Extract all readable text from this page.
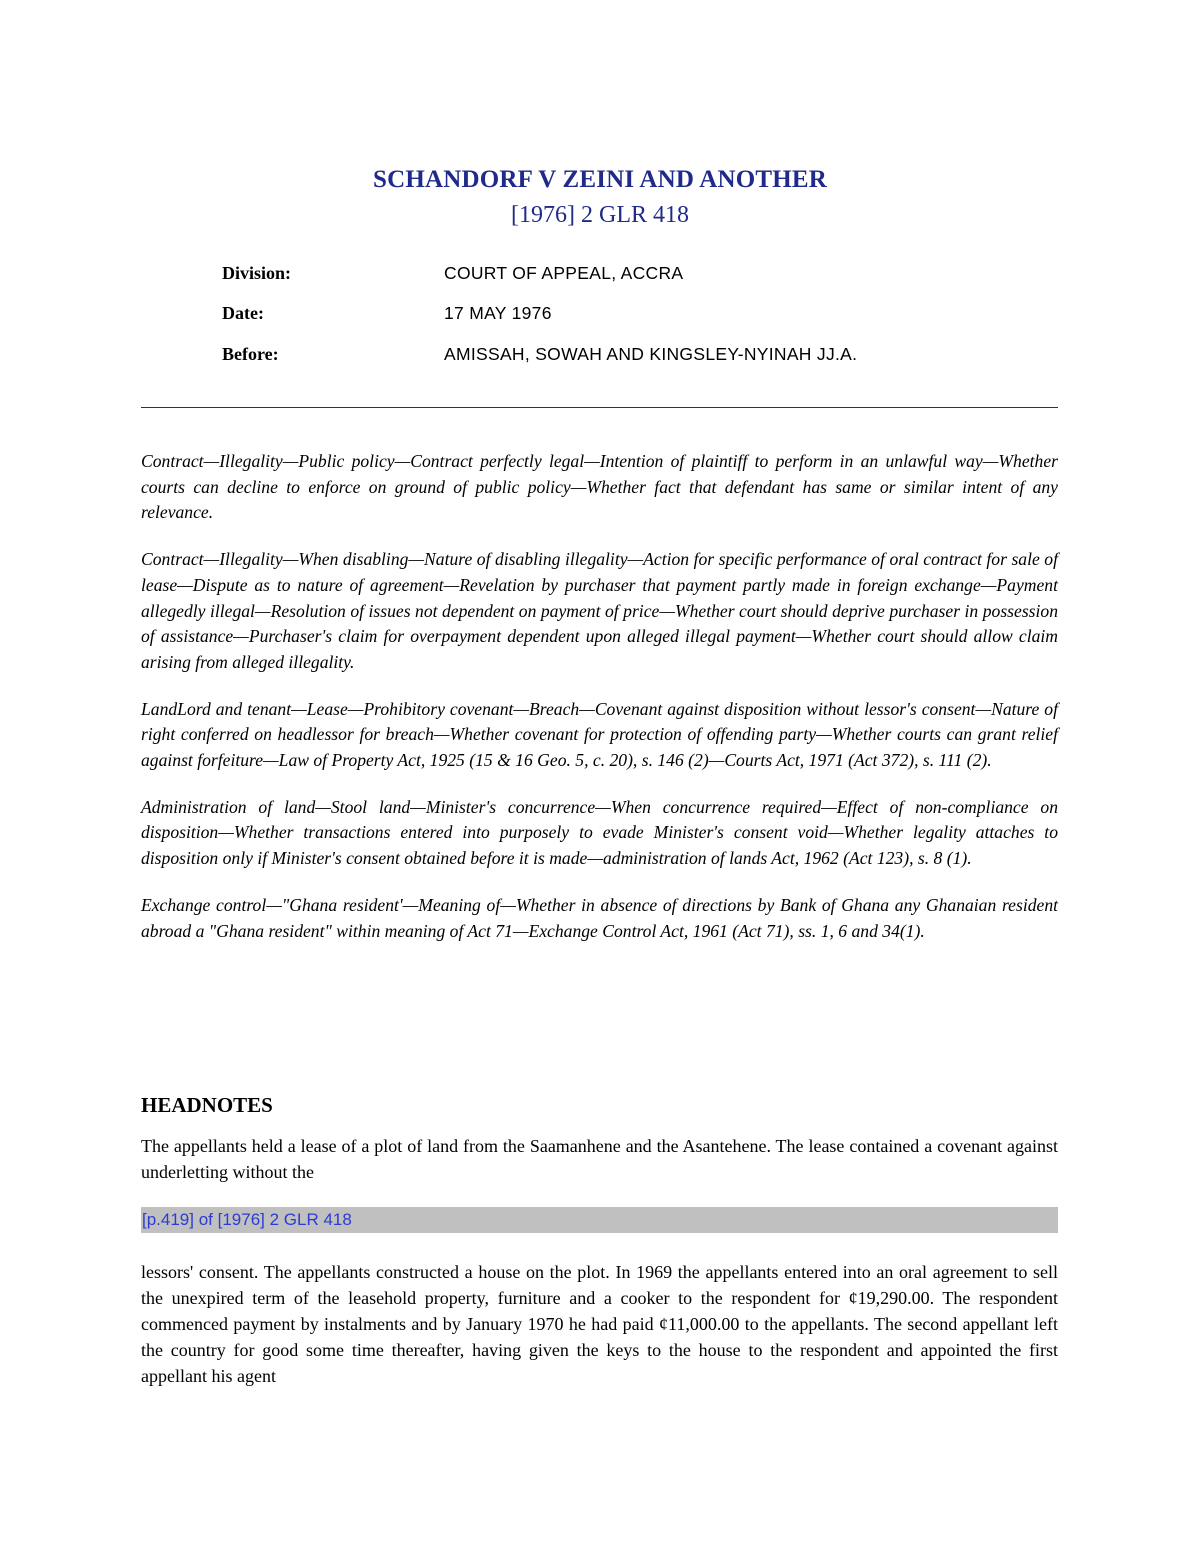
SCHANDORF V ZEINI AND ANOTHER
[1976] 2 GLR 418
Division:	COURT OF APPEAL, ACCRA
Date:	17 MAY 1976
Before:	AMISSAH, SOWAH AND KINGSLEY-NYINAH JJ.A.

Contract—Illegality—Public policy—Contract perfectly legal—Intention of plaintiff to perform in an unlawful way—Whether courts can decline to enforce on ground of public policy—Whether fact that defendant has same or similar intent of any relevance.

Contract—Illegality—When disabling—Nature of disabling illegality—Action for specific performance of oral contract for sale of lease—Dispute as to nature of agreement—Revelation by purchaser that payment partly made in foreign exchange—Payment allegedly illegal—Resolution of issues not dependent on payment of price—Whether court should deprive purchaser in possession of assistance—Purchaser's claim for overpayment dependent upon alleged illegal payment—Whether court should allow claim arising from alleged illegality.

LandLord and tenant—Lease—Prohibitory covenant—Breach—Covenant against disposition without lessor's consent—Nature of right conferred on headlessor for breach—Whether covenant for protection of offending party—Whether courts can grant relief against forfeiture—Law of Property Act, 1925 (15 & 16 Geo. 5, c. 20), s. 146 (2)—Courts Act, 1971 (Act 372), s. 111 (2).

Administration of land—Stool land—Minister's concurrence—When concurrence required—Effect of non-compliance on disposition—Whether transactions entered into purposely to evade Minister's consent void—Whether legality attaches to disposition only if Minister's consent obtained before it is made—administration of lands Act, 1962 (Act 123), s. 8 (1).

Exchange control—"Ghana resident'—Meaning of—Whether in absence of directions by Bank of Ghana any Ghanaian resident abroad a "Ghana resident" within meaning of Act 71—Exchange Control Act, 1961 (Act 71), ss. 1, 6 and 34(1).

HEADNOTES

The appellants held a lease of a plot of land from the Saamanhene and the Asantehene. The lease contained a covenant against underletting without the

[p.419] of [1976] 2 GLR 418

lessors' consent. The appellants constructed a house on the plot. In 1969 the appellants entered into an oral agreement to sell the unexpired term of the leasehold property, furniture and a cooker to the respondent for ¢19,290.00. The respondent commenced payment by instalments and by January 1970 he had paid ¢11,000.00 to the appellants. The second appellant left the country for good some time thereafter, having given the keys to the house to the respondent and appointed the first appellant his agent
